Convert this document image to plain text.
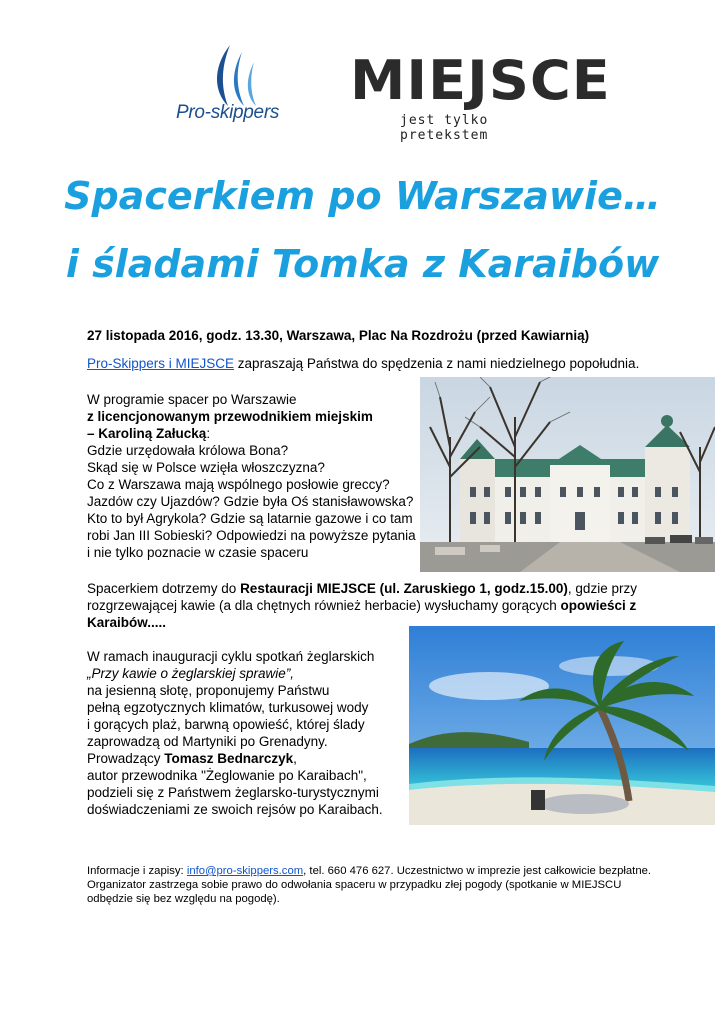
Pro-skippers
MIEJSCE
jest tylko pretekstem
Spacerkiem po Warszawie…
i śladami Tomka z Karaibów
27 listopada 2016, godz. 13.30, Warszawa, Plac Na Rozdrożu (przed Kawiarnią)
Pro-Skippers i MIEJSCE zapraszają Państwa do spędzenia z nami niedzielnego popołudnia.
W programie spacer po Warszawie
z licencjonowanym przewodnikiem miejskim
– Karoliną Załucką:
Gdzie urzędowała królowa Bona?
Skąd się w Polsce wzięła włoszczyzna?
Co z Warszawa mają wspólnego posłowie greccy?
Jazdów czy Ujazdów? Gdzie była Oś stanisławowska?
Kto to był Agrykola? Gdzie są latarnie gazowe i co tam
robi Jan III Sobieski? Odpowiedzi na powyższe pytania
i nie tylko poznacie w czasie spaceru
Spacerkiem dotrzemy do Restauracji MIEJSCE (ul. Zaruskiego 1, godz.15.00), gdzie przy
rozgrzewającej kawie (a dla chętnych również herbacie) wysłuchamy gorących opowieści z
Karaibów.....
W ramach inauguracji cyklu spotkań żeglarskich
„Przy kawie o żeglarskiej sprawie”,
na jesienną słotę, proponujemy Państwu
pełną egzotycznych klimatów, turkusowej wody
i gorących plaż, barwną opowieść, której ślady
zaprowadzą od Martyniki po Grenadyny.
Prowadzący Tomasz Bednarczyk,
autor przewodnika "Żeglowanie po Karaibach",
podzieli się z Państwem żeglarsko-turystycznymi
doświadczeniami ze swoich rejsów po Karaibach.
Informacje i zapisy: info@pro-skippers.com, tel. 660 476 627. Uczestnictwo w imprezie jest całkowicie bezpłatne.
Organizator zastrzega sobie prawo do odwołania spaceru w przypadku złej pogody (spotkanie w MIEJSCU
odbędzie się bez względu na pogodę).
